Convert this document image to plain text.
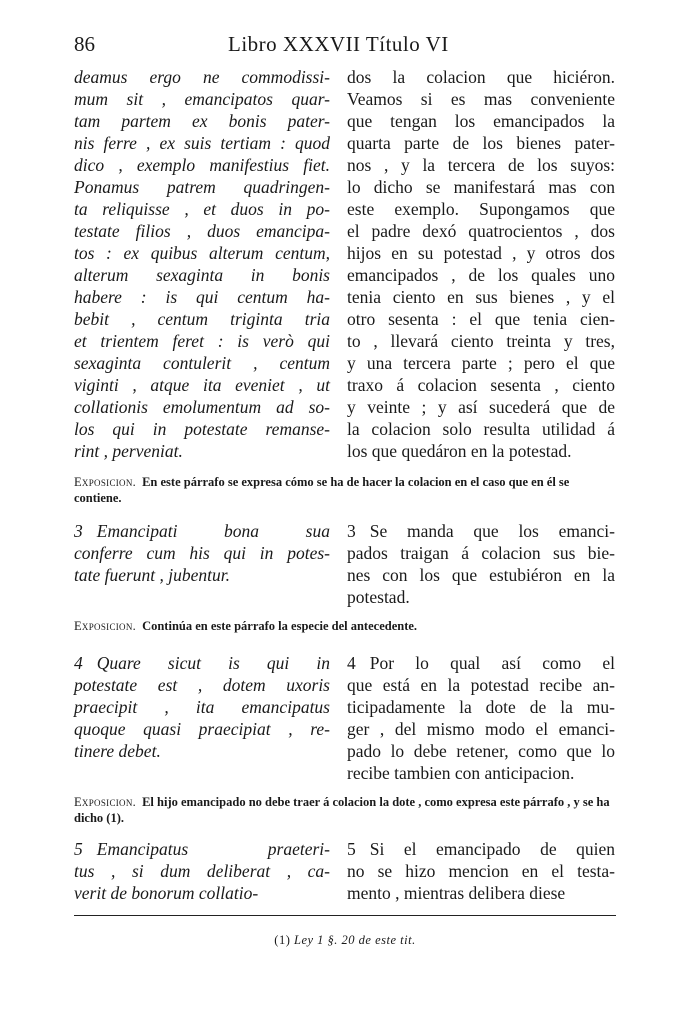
86	Libro XXXVII Título VI
deamus ergo ne commodissi-
mum sit , emancipatos quar-
tam partem ex bonis pater-
nis ferre , ex suis tertiam : quod
dico , exemplo manifestius fiet.
Ponamus patrem quadringen-
ta reliquisse , et duos in po-
testate filios , duos emancipa-
tos : ex quibus alterum centum,
alterum sexaginta in bonis
habere : is qui centum ha-
bebit , centum triginta tria
et trientem feret : is verò qui
sexaginta contulerit , centum
viginti , atque ita eveniet , ut
collationis emolumentum ad so-
los qui in potestate remanse-
rint , perveniat.
dos la colacion que hiciéron.
Veamos si es mas conveniente
que tengan los emancipados la
quarta parte de los bienes pater-
nos , y la tercera de los suyos:
lo dicho se manifestará mas con
este exemplo. Supongamos que
el padre dexó quatrocientos , dos
hijos en su potestad , y otros dos
emancipados , de los quales uno
tenia ciento en sus bienes , y el
otro sesenta : el que tenia cien-
to , llevará ciento treinta y tres,
y una tercera parte ; pero el que
traxo á colacion sesenta , ciento
y veinte ; y así sucederá que de
la colacion solo resulta utilidad á
los que quedáron en la potestad.
Exposicion. En este párrafo se expresa cómo se ha de hacer la colacion en el caso que en él se contiene.
3 Emancipati bona sua
conferre cum his qui in potes-
tate fuerunt , jubentur.
3 Se manda que los emanci-
pados traigan á colacion sus bie-
nes con los que estubiéron en la
potestad.
Exposicion. Continúa en este párrafo la especie del antecedente.
4 Quare sicut is qui in
potestate est , dotem uxoris
praecipit , ita emancipatus
quoque quasi praecipiat , re-
tinere debet.
4 Por lo qual así como el
que está en la potestad recibe an-
ticipadamente la dote de la mu-
ger , del mismo modo el emanci-
pado lo debe retener, como que lo
recibe tambien con anticipacion.
Exposicion. El hijo emancipado no debe traer á colacion la dote , como expresa este párrafo , y se ha dicho (1).
5 Emancipatus praeteri-
tus , si dum deliberat , ca-
verit de bonorum collatio-
5 Si el emancipado de quien
no se hizo mencion en el testa-
mento , mientras delibera diese
(1) Ley 1 §. 20 de este tit.
